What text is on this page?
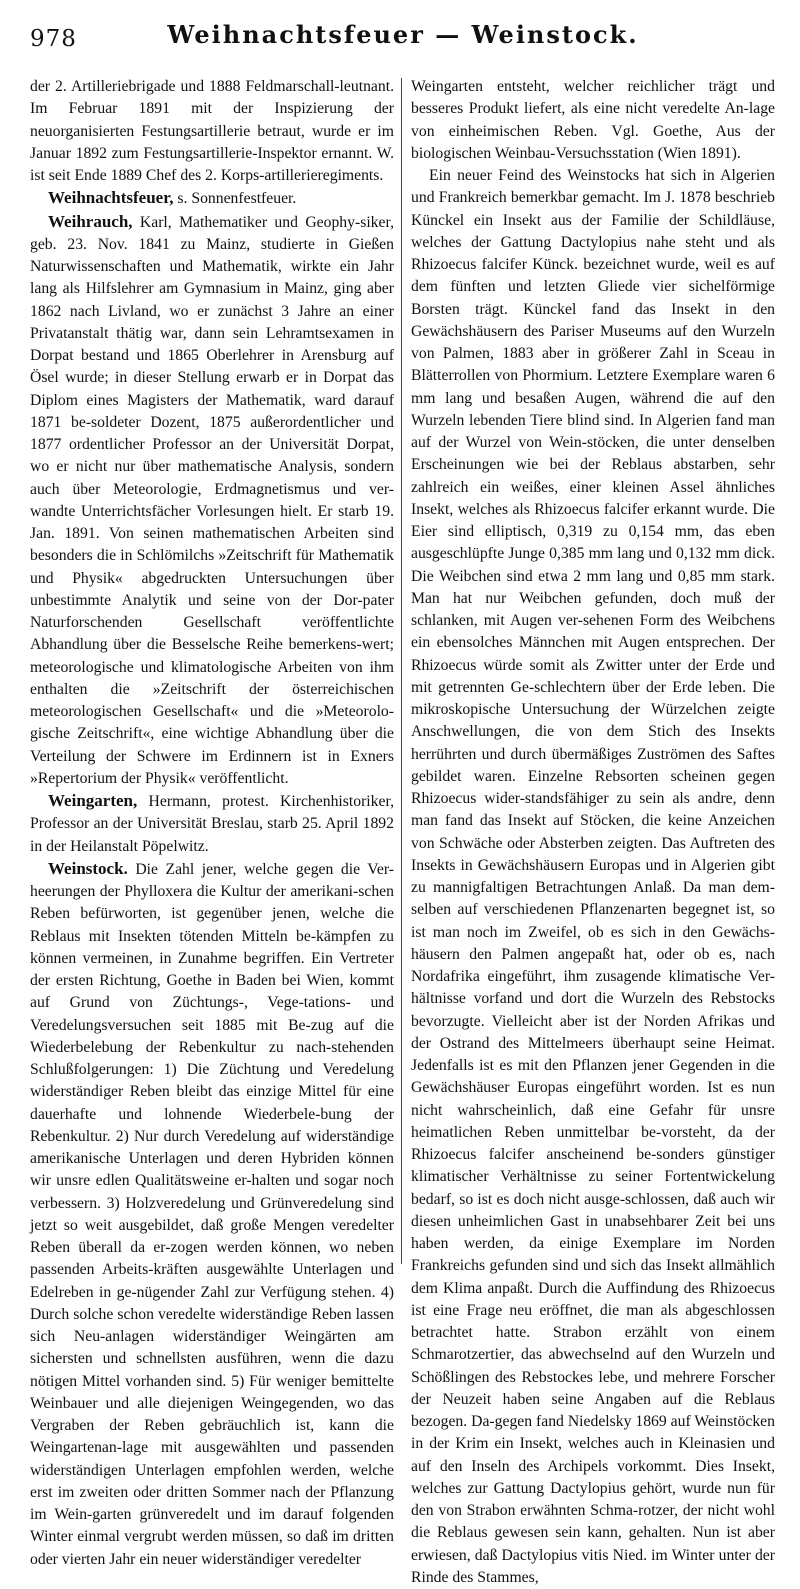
978	Weihnachtsfeuer — Weinstock.

der 2. Artilleriebrigade und 1888 Feldmarschall-leutnant. Im Februar 1891 mit der Inspizierung der neuorganisierten Festungsartillerie betraut, wurde er im Januar 1892 zum Festungsartillerie-Inspektor ernannt. W. ist seit Ende 1889 Chef des 2. Korps-artillerieregiments.

Weihnachtsfeuer, s. Sonnenfestfeuer.

Weihrauch, Karl, Mathematiker und Geophy-siker, geb. 23. Nov. 1841 zu Mainz, studierte in Gießen Naturwissenschaften und Mathematik, wirkte ein Jahr lang als Hilfslehrer am Gymnasium in Mainz, ging aber 1862 nach Livland, wo er zunächst 3 Jahre an einer Privatanstalt thätig war, dann sein Lehramtsexamen in Dorpat bestand und 1865 Oberlehrer in Arensburg auf Ösel wurde; in dieser Stellung erwarb er in Dorpat das Diplom eines Magisters der Mathematik, ward darauf 1871 be-soldeter Dozent, 1875 außerordentlicher und 1877 ordentlicher Professor an der Universität Dorpat, wo er nicht nur über mathematische Analysis, sondern auch über Meteorologie, Erdmagnetismus und ver-wandte Unterrichtsfächer Vorlesungen hielt. Er starb 19. Jan. 1891. Von seinen mathematischen Arbeiten sind besonders die in Schlömilchs »Zeitschrift für Mathematik und Physik« abgedruckten Untersuchungen über unbestimmte Analytik und seine von der Dor-pater Naturforschenden Gesellschaft veröffentlichte Abhandlung über die Besselsche Reihe bemerkens-wert; meteorologische und klimatologische Arbeiten von ihm enthalten die »Zeitschrift der österreichischen meteorologischen Gesellschaft« und die »Meteorolo-gische Zeitschrift«, eine wichtige Abhandlung über die Verteilung der Schwere im Erdinnern ist in Exners »Repertorium der Physik« veröffentlicht.

Weingarten, Hermann, protest. Kirchenhistoriker, Professor an der Universität Breslau, starb 25. April 1892 in der Heilanstalt Pöpelwitz.

Weinstock. Die Zahl jener, welche gegen die Ver-heerungen der Phylloxera die Kultur der amerikani-schen Reben befürworten, ist gegenüber jenen, welche die Reblaus mit Insekten tötenden Mitteln be-kämpfen zu können vermeinen, in Zunahme begriffen. Ein Vertreter der ersten Richtung, Goethe in Baden bei Wien, kommt auf Grund von Züchtungs-, Vege-tations- und Veredelungsversuchen seit 1885 mit Be-zug auf die Wiederbelebung der Rebenkultur zu nach-stehenden Schlußfolgerungen: 1) Die Züchtung und Veredelung widerständiger Reben bleibt das einzige Mittel für eine dauerhafte und lohnende Wiederbele-bung der Rebenkultur. 2) Nur durch Veredelung auf widerständige amerikanische Unterlagen und deren Hybriden können wir unsre edlen Qualitätsweine er-halten und sogar noch verbessern. 3) Holzveredelung und Grünveredelung sind jetzt so weit ausgebildet, daß große Mengen veredelter Reben überall da er-zogen werden können, wo neben passenden Arbeits-kräften ausgewählte Unterlagen und Edelreben in ge-nügender Zahl zur Verfügung stehen. 4) Durch solche schon veredelte widerständige Reben lassen sich Neu-anlagen widerständiger Weingärten am sichersten und schnellsten ausführen, wenn die dazu nötigen Mittel vorhanden sind. 5) Für weniger bemittelte Weinbauer und alle diejenigen Weingegenden, wo das Vergraben der Reben gebräuchlich ist, kann die Weingartenan-lage mit ausgewählten und passenden widerständigen Unterlagen empfohlen werden, welche erst im zweiten oder dritten Sommer nach der Pflanzung im Wein-garten grünveredelt und im darauf folgenden Winter einmal vergrubt werden müssen, so daß im dritten oder vierten Jahr ein neuer widerständiger veredelter

Weingarten entsteht, welcher reichlicher trägt und besseres Produkt liefert, als eine nicht veredelte An-lage von einheimischen Reben. Vgl. Goethe, Aus der biologischen Weinbau-Versuchsstation (Wien 1891).

Ein neuer Feind des Weinstocks hat sich in Algerien und Frankreich bemerkbar gemacht. Im J. 1878 beschrieb Künckel ein Insekt aus der Familie der Schildläuse, welches der Gattung Dactylopius nahe steht und als Rhizoecus falcifer Künck. bezeichnet wurde, weil es auf dem fünften und letzten Gliede vier sichelförmige Borsten trägt. Künckel fand das Insekt in den Gewächshäusern des Pariser Museums auf den Wurzeln von Palmen, 1883 aber in größerer Zahl in Sceau in Blätterrollen von Phormium. Letztere Exemplare waren 6 mm lang und besaßen Augen, während die auf den Wurzeln lebenden Tiere blind sind. In Algerien fand man auf der Wurzel von Wein-stöcken, die unter denselben Erscheinungen wie bei der Reblaus abstarben, sehr zahlreich ein weißes, einer kleinen Assel ähnliches Insekt, welches als Rhizoecus falcifer erkannt wurde. Die Eier sind elliptisch, 0,319 zu 0,154 mm, das eben ausgeschlüpfte Junge 0,385 mm lang und 0,132 mm dick. Die Weibchen sind etwa 2 mm lang und 0,85 mm stark. Man hat nur Weibchen gefunden, doch muß der schlanken, mit Augen ver-sehenen Form des Weibchens ein ebensolches Männchen mit Augen entsprechen. Der Rhizoecus würde somit als Zwitter unter der Erde und mit getrennten Ge-schlechtern über der Erde leben. Die mikroskopische Untersuchung der Würzelchen zeigte Anschwellungen, die von dem Stich des Insekts herrührten und durch übermäßiges Zuströmen des Saftes gebildet waren. Einzelne Rebsorten scheinen gegen Rhizoecus wider-standsfähiger zu sein als andre, denn man fand das Insekt auf Stöcken, die keine Anzeichen von Schwäche oder Absterben zeigten. Das Auftreten des Insekts in Gewächshäusern Europas und in Algerien gibt zu mannigfaltigen Betrachtungen Anlaß. Da man dem-selben auf verschiedenen Pflanzenarten begegnet ist, so ist man noch im Zweifel, ob es sich in den Gewächs-häusern den Palmen angepaßt hat, oder ob es, nach Nordafrika eingeführt, ihm zusagende klimatische Ver-hältnisse vorfand und dort die Wurzeln des Rebstocks bevorzugte. Vielleicht aber ist der Norden Afrikas und der Ostrand des Mittelmeers überhaupt seine Heimat. Jedenfalls ist es mit den Pflanzen jener Gegenden in die Gewächshäuser Europas eingeführt worden. Ist es nun nicht wahrscheinlich, daß eine Gefahr für unsre heimatlichen Reben unmittelbar be-vorsteht, da der Rhizoecus falcifer anscheinend be-sonders günstiger klimatischer Verhältnisse zu seiner Fortentwickelung bedarf, so ist es doch nicht ausge-schlossen, daß auch wir diesen unheimlichen Gast in unabsehbarer Zeit bei uns haben werden, da einige Exemplare im Norden Frankreichs gefunden sind und sich das Insekt allmählich dem Klima anpaßt. Durch die Auffindung des Rhizoecus ist eine Frage neu eröffnet, die man als abgeschlossen betrachtet hatte. Strabon erzählt von einem Schmarotzertier, das abwechselnd auf den Wurzeln und Schößlingen des Rebstockes lebe, und mehrere Forscher der Neuzeit haben seine Angaben auf die Reblaus bezogen. Da-gegen fand Niedelsky 1869 auf Weinstöcken in der Krim ein Insekt, welches auch in Kleinasien und auf den Inseln des Archipels vorkommt. Dies Insekt, welches zur Gattung Dactylopius gehört, wurde nun für den von Strabon erwähnten Schma-rotzer, der nicht wohl die Reblaus gewesen sein kann, gehalten. Nun ist aber erwiesen, daß Dactylopius vitis Nied. im Winter unter der Rinde des Stammes,
